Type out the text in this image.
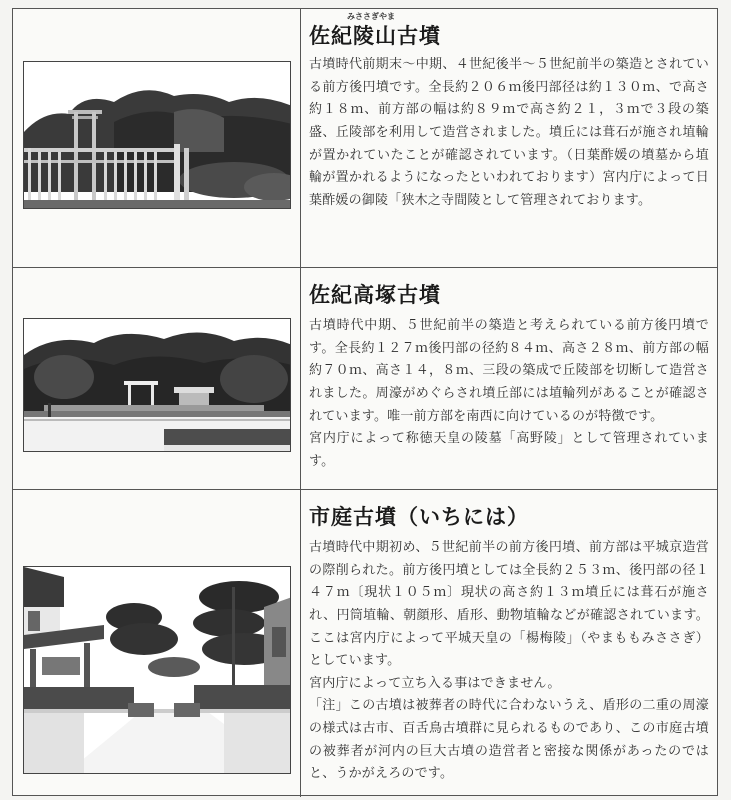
佐紀陵
みささぎやま
山古墳

古墳時代前期末～中期、４世紀後半～５世紀前半の築造とされている前方後円墳です。全長約２０６ｍ後円部径は約１３０ｍ、で高さ約１８ｍ、前方部の幅は約８９ｍで高さ約２１，３ｍで３段の築盛、丘陵部を利用して造営されました。墳丘には葺石が施され埴輪が置かれていたことが確認されています。（日葉酢媛の墳墓から埴輪が置かれるようになったといわれております）宮内庁によって日葉酢媛の御陵「狭木之寺間陵として管理されております。

佐紀高塚古墳

古墳時代中期、５世紀前半の築造と考えられている前方後円墳です。全長約１２７ｍ後円部の径約８４ｍ、高さ２８ｍ、前方部の幅約７０ｍ、高さ１４，８ｍ、三段の築成で丘陵部を切断して造営されました。周濠がめぐらされ墳丘部には埴輪列があることが確認されています。唯一前方部を南西に向けているのが特徴です。

宮内庁によって称徳天皇の陵墓「高野陵」として管理されています。

市庭古墳（いちには）

古墳時代中期初め、５世紀前半の前方後円墳、前方部は平城京造営の際削られた。前方後円墳としては全長約２５３ｍ、後円部の径１４７ｍ〔現状１０５ｍ〕現状の高さ約１３ｍ墳丘には葺石が施され、円筒埴輪、朝顔形、盾形、動物埴輪などが確認されています。ここは宮内庁によって平城天皇の「楊梅陵」（やまももみささぎ）としています。

宮内庁によって立ち入る事はできません。

「注」この古墳は被葬者の時代に合わないうえ、盾形の二重の周濠の様式は古市、百舌鳥古墳群に見られるものであり、この市庭古墳の被葬者が河内の巨大古墳の造営者と密接な関係があったのではと、うかがえろのです。
